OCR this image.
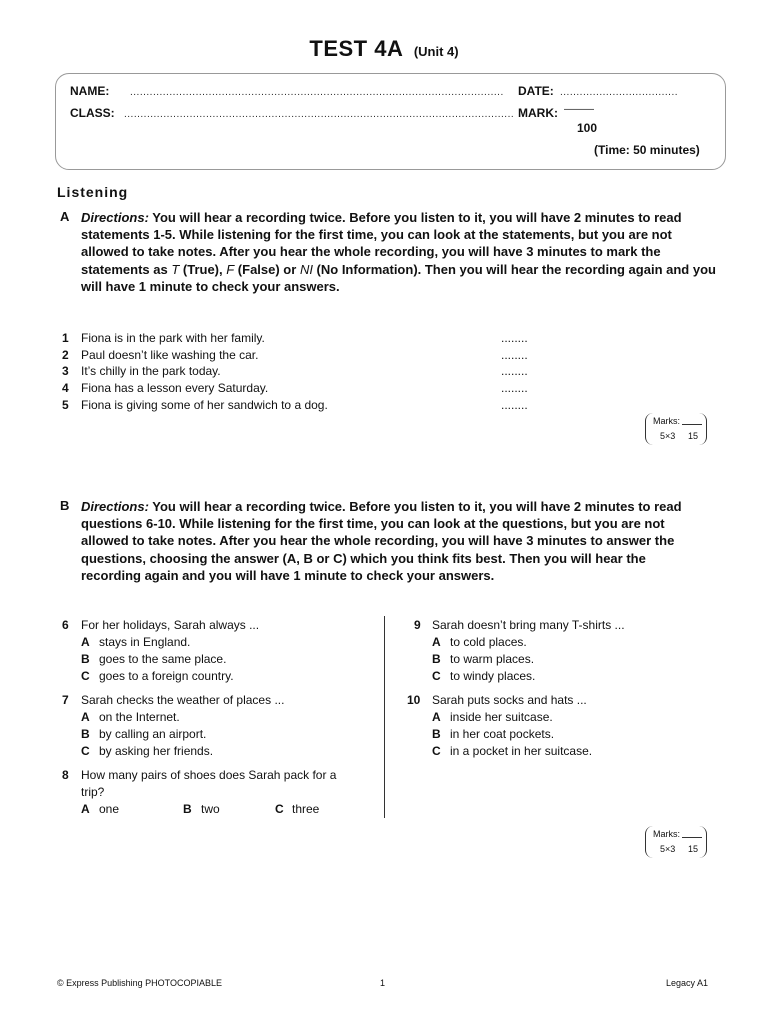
TEST 4A (Unit 4)
NAME: .................................................................................................................. DATE: ....................................
CLASS: ....................................................................................................................... MARK: ———
100
(Time: 50 minutes)
Listening
A Directions: You will hear a recording twice. Before you listen to it, you will have 2 minutes to read statements 1-5. While listening for the first time, you can look at the statements, but you are not allowed to take notes. After you hear the whole recording, you will have 3 minutes to mark the statements as T (True), F (False) or NI (No Information). Then you will hear the recording again and you will have 1 minute to check your answers.
1 Fiona is in the park with her family.	........
2 Paul doesn’t like washing the car.	........
3 It’s chilly in the park today.	........
4 Fiona has a lesson every Saturday.	........
5 Fiona is giving some of her sandwich to a dog.	........
Marks:
5×3 15
B Directions: You will hear a recording twice. Before you listen to it, you will have 2 minutes to read questions 6-10. While listening for the first time, you can look at the questions, but you are not allowed to take notes. After you hear the whole recording, you will have 3 minutes to answer the questions, choosing the answer (A, B or C) which you think fits best. Then you will hear the recording again and you will have 1 minute to check your answers.
6 For her holidays, Sarah always ...
A stays in England.
B goes to the same place.
C goes to a foreign country.
7 Sarah checks the weather of places ...
A on the Internet.
B by calling an airport.
C by asking her friends.
8 How many pairs of shoes does Sarah pack for a
trip?
A one	B two	C three
9 Sarah doesn’t bring many T-shirts ...
A to cold places.
B to warm places.
C to windy places.
10 Sarah puts socks and hats ...
A inside her suitcase.
B in her coat pockets.
C in a pocket in her suitcase.
Marks:
5×3 15
© Express Publishing PHOTOCOPIABLE	1	Legacy A1
